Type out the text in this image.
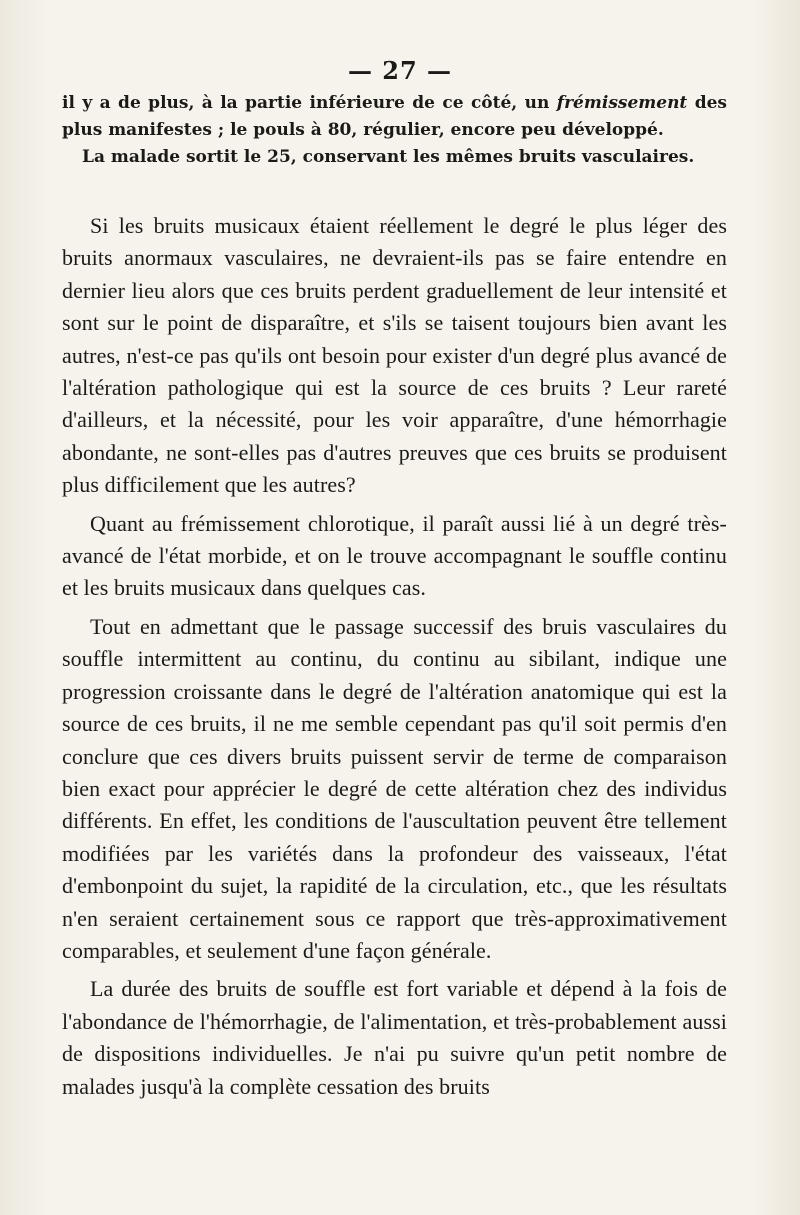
— 27 —

il y a de plus, à la partie inférieure de ce côté, un frémissement des plus manifestes ; le pouls à 80, régulier, encore peu développé.

La malade sortit le 25, conservant les mêmes bruits vasculaires.

Si les bruits musicaux étaient réellement le degré le plus léger des bruits anormaux vasculaires, ne devraient-ils pas se faire entendre en dernier lieu alors que ces bruits perdent graduellement de leur intensité et sont sur le point de disparaître, et s'ils se taisent toujours bien avant les autres, n'est-ce pas qu'ils ont besoin pour exister d'un degré plus avancé de l'altération pathologique qui est la source de ces bruits ? Leur rareté d'ailleurs, et la nécessité, pour les voir apparaître, d'une hémorrhagie abondante, ne sont-elles pas d'autres preuves que ces bruits se produisent plus difficilement que les autres?

Quant au frémissement chlorotique, il paraît aussi lié à un degré très-avancé de l'état morbide, et on le trouve accompagnant le souffle continu et les bruits musicaux dans quelques cas.

Tout en admettant que le passage successif des bruis vasculaires du souffle intermittent au continu, du continu au sibilant, indique une progression croissante dans le degré de l'altération anatomique qui est la source de ces bruits, il ne me semble cependant pas qu'il soit permis d'en conclure que ces divers bruits puissent servir de terme de comparaison bien exact pour apprécier le degré de cette altération chez des individus différents. En effet, les conditions de l'auscultation peuvent être tellement modifiées par les variétés dans la profondeur des vaisseaux, l'état d'embonpoint du sujet, la rapidité de la circulation, etc., que les résultats n'en seraient certainement sous ce rapport que très-approximativement comparables, et seulement d'une façon générale.

La durée des bruits de souffle est fort variable et dépend à la fois de l'abondance de l'hémorrhagie, de l'alimentation, et très-probablement aussi de dispositions individuelles. Je n'ai pu suivre qu'un petit nombre de malades jusqu'à la complète cessation des bruits
